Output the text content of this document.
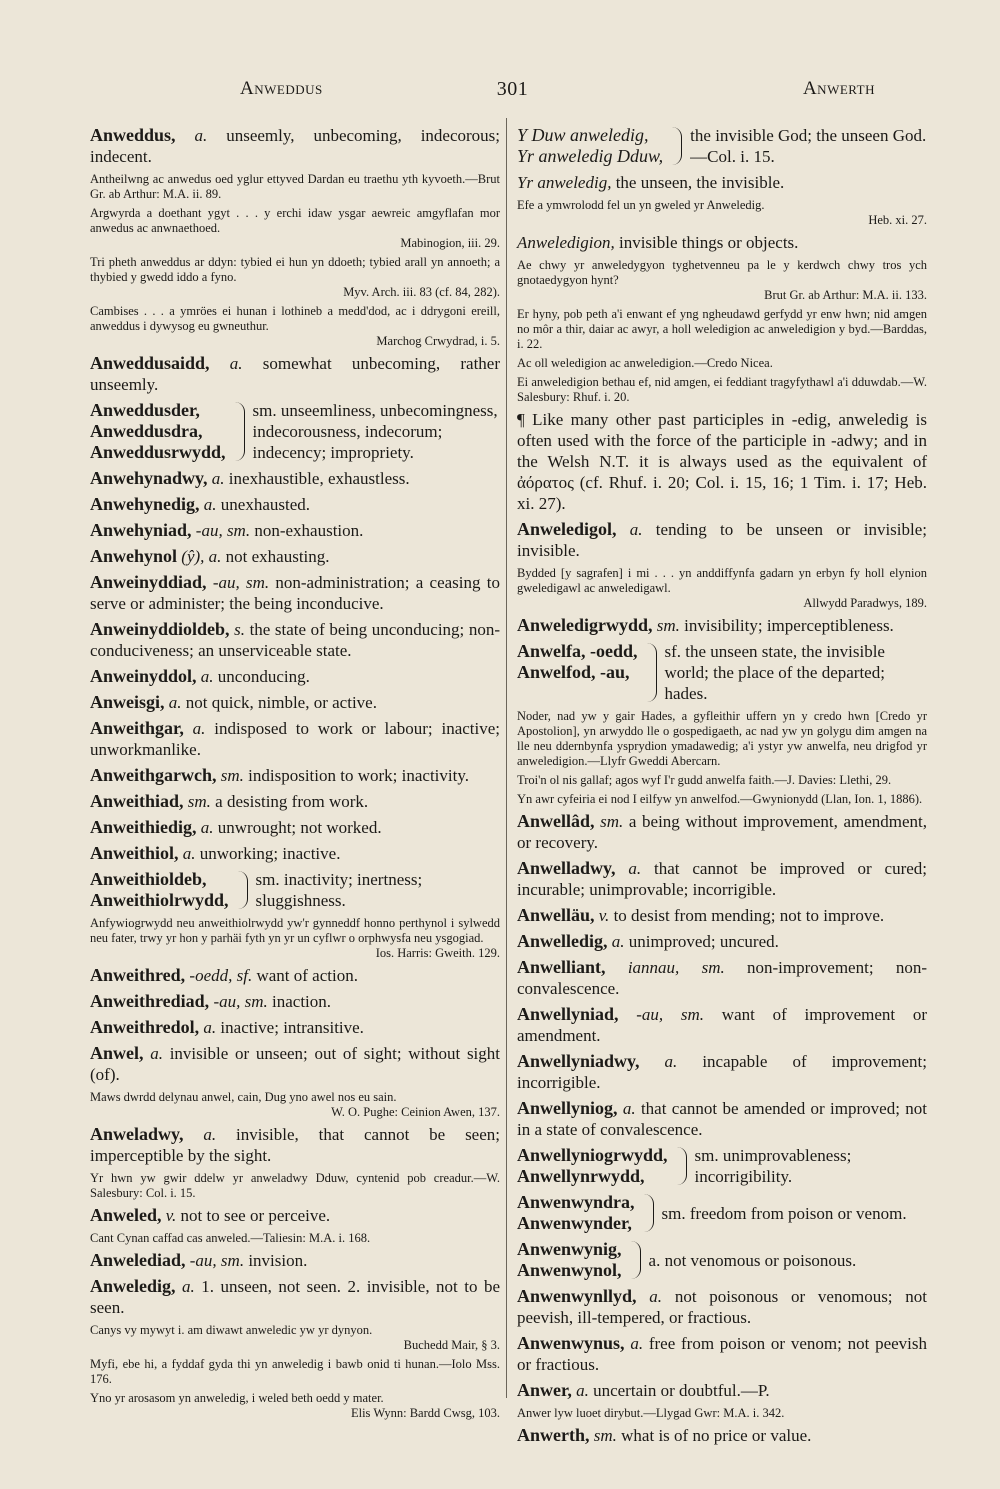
Anweddus	301	Anwerth
Anweddus, a. unseemly, unbecoming, indecorous; indecent.
Antheilwng ac anwedus oed yglur ettyved Dardan eu traethu yth kyvoeth.—Brut Gr. ab Arthur: M.A. ii. 89.
Argwyrda a doethant ygyt . . . y erchi idaw ysgar aewreic amgyflafan mor anwedus ac anwnaethoed.
Mabinogion, iii. 29.
Tri pheth anweddus ar ddyn: tybied ei hun yn ddoeth; tybied arall yn annoeth; a thybied y gwedd iddo a fyno.
Myv. Arch. iii. 83 (cf. 84, 282).
Cambises . . . a ymröes ei hunan i lothineb a medd'dod, ac i ddrygoni ereill, anweddus i dywysog eu gwneuthur.
Marchog Crwydrad, i. 5.
Anweddusaidd, a. somewhat unbecoming, rather unseemly.
Anweddusder,
Anweddusdra,
Anweddusrwydd,
sm. unseemliness, unbecomingness, indecorousness, indecorum; indecency; impropriety.
Anwehynadwy, a. inexhaustible, exhaustless.
Anwehynedig, a. unexhausted.
Anwehyniad, -au, sm. non-exhaustion.
Anwehynol (ŷ), a. not exhausting.
Anweinyddiad, -au, sm. non-administration; a ceasing to serve or administer; the being inconducive.
Anweinyddioldeb, s. the state of being unconducing; non-conduciveness; an unserviceable state.
Anweinyddol, a. unconducing.
Anweisgi, a. not quick, nimble, or active.
Anweithgar, a. indisposed to work or labour; inactive; unworkmanlike.
Anweithgarwch, sm. indisposition to work; inactivity.
Anweithiad, sm. a desisting from work.
Anweithiedig, a. unwrought; not worked.
Anweithiol, a. unworking; inactive.
Anweithioldeb,
Anweithiolrwydd,
sm. inactivity; inertness; sluggishness.
Anfywiogrwydd neu anweithiolrwydd yw'r gynneddf honno perthynol i sylwedd neu fater, trwy yr hon y parhäi fyth yn yr un cyflwr o orphwysfa neu ysgogiad.
Ios. Harris: Gweith. 129.
Anweithred, -oedd, sf. want of action.
Anweithrediad, -au, sm. inaction.
Anweithredol, a. inactive; intransitive.
Anwel, a. invisible or unseen; out of sight; without sight (of).
Maws dwrdd delynau anwel, cain, Dug yno awel nos eu sain.
W. O. Pughe: Ceinion Awen, 137.
Anweladwy, a. invisible, that cannot be seen; imperceptible by the sight.
Yr hwn yw gwir ddelw yr anweladwy Dduw, cyntenid pob creadur.—W. Salesbury: Col. i. 15.
Anweled, v. not to see or perceive.
Cant Cynan caffad cas anweled.—Taliesin: M.A. i. 168.
Anwelediad, -au, sm. invision.
Anweledig, a. 1. unseen, not seen. 2. invisible, not to be seen.
Canys vy mywyt i. am diwawt anweledic yw yr dynyon.
Buchedd Mair, § 3.
Myfi, ebe hi, a fyddaf gyda thi yn anweledig i bawb onid ti hunan.—Iolo Mss. 176.
Yno yr arosasom yn anweledig, i weled beth oedd y mater.
Elis Wynn: Bardd Cwsg, 103.
Y Duw anweledig,
Yr anweledig Dduw,
the invisible God; the unseen God.—Col. i. 15.
Yr anweledig, the unseen, the invisible.
Efe a ymwrolodd fel un yn gweled yr Anweledig.
Heb. xi. 27.
Anweledigion, invisible things or objects.
Ae chwy yr anweledygyon tyghetvenneu pa le y kerdwch chwy tros ych gnotaedygyon hynt?
Brut Gr. ab Arthur: M.A. ii. 133.
Er hyny, pob peth a'i enwant ef yng ngheudawd gerfydd yr enw hwn; nid amgen no môr a thir, daiar ac awyr, a holl weledigion ac anweledigion y byd.—Barddas, i. 22.
Ac oll weledigion ac anweledigion.—Credo Nicea.
Ei anweledigion bethau ef, nid amgen, ei feddiant tragyfythawl a'i dduwdab.—W. Salesbury: Rhuf. i. 20.
¶ Like many other past participles in -edig, anweledig is often used with the force of the participle in -adwy; and in the Welsh N.T. it is always used as the equivalent of ἀόρατος (cf. Rhuf. i. 20; Col. i. 15, 16; 1 Tim. i. 17; Heb. xi. 27).
Anweledigol, a. tending to be unseen or invisible; invisible.
Bydded [y sagrafen] i mi . . . yn anddiffynfa gadarn yn erbyn fy holl elynion gweledigawl ac anweledigawl.
Allwydd Paradwys, 189.
Anweledigrwydd, sm. invisibility; imperceptibleness.
Anwelfa, -oedd,
Anwelfod, -au,
sf. the unseen state, the invisible world; the place of the departed; hades.
Noder, nad yw y gair Hades, a gyfleithir uffern yn y credo hwn [Credo yr Apostolion], yn arwyddo lle o gospedigaeth, ac nad yw yn golygu dim amgen na lle neu ddernbynfa ysprydion ymadawedig; a'i ystyr yw anwelfa, neu drigfod yr anweledigion.—Llyfr Gweddi Abercarn.
Troi'n ol nis gallaf; agos wyf I'r gudd anwelfa faith.—J. Davies: Llethi, 29.
Yn awr cyfeiria ei nod I eilfyw yn anwelfod.—Gwynionydd (Llan, Ion. 1, 1886).
Anwellâd, sm. a being without improvement, amendment, or recovery.
Anwelladwy, a. that cannot be improved or cured; incurable; unimprovable; incorrigible.
Anwelläu, v. to desist from mending; not to improve.
Anwelledig, a. unimproved; uncured.
Anwelliant, iannau, sm. non-improvement; non-convalescence.
Anwellyniad, -au, sm. want of improvement or amendment.
Anwellyniadwy, a. incapable of improvement; incorrigible.
Anwellyniog, a. that cannot be amended or improved; not in a state of convalescence.
Anwellyniogrwydd,
Anwellynrwydd,
sm. unimprovableness; incorrigibility.
Anwenwyndra,
Anwenwynder, sm. freedom from poison or venom.
Anwenwynig,
Anwenwynol, a. not venomous or poisonous.
Anwenwynllyd, a. not poisonous or venomous; not peevish, ill-tempered, or fractious.
Anwenwynus, a. free from poison or venom; not peevish or fractious.
Anwer, a. uncertain or doubtful.—P.
Anwer lyw luoet dirybut.—Llygad Gwr: M.A. i. 342.
Anwerth, sm. what is of no price or value.
